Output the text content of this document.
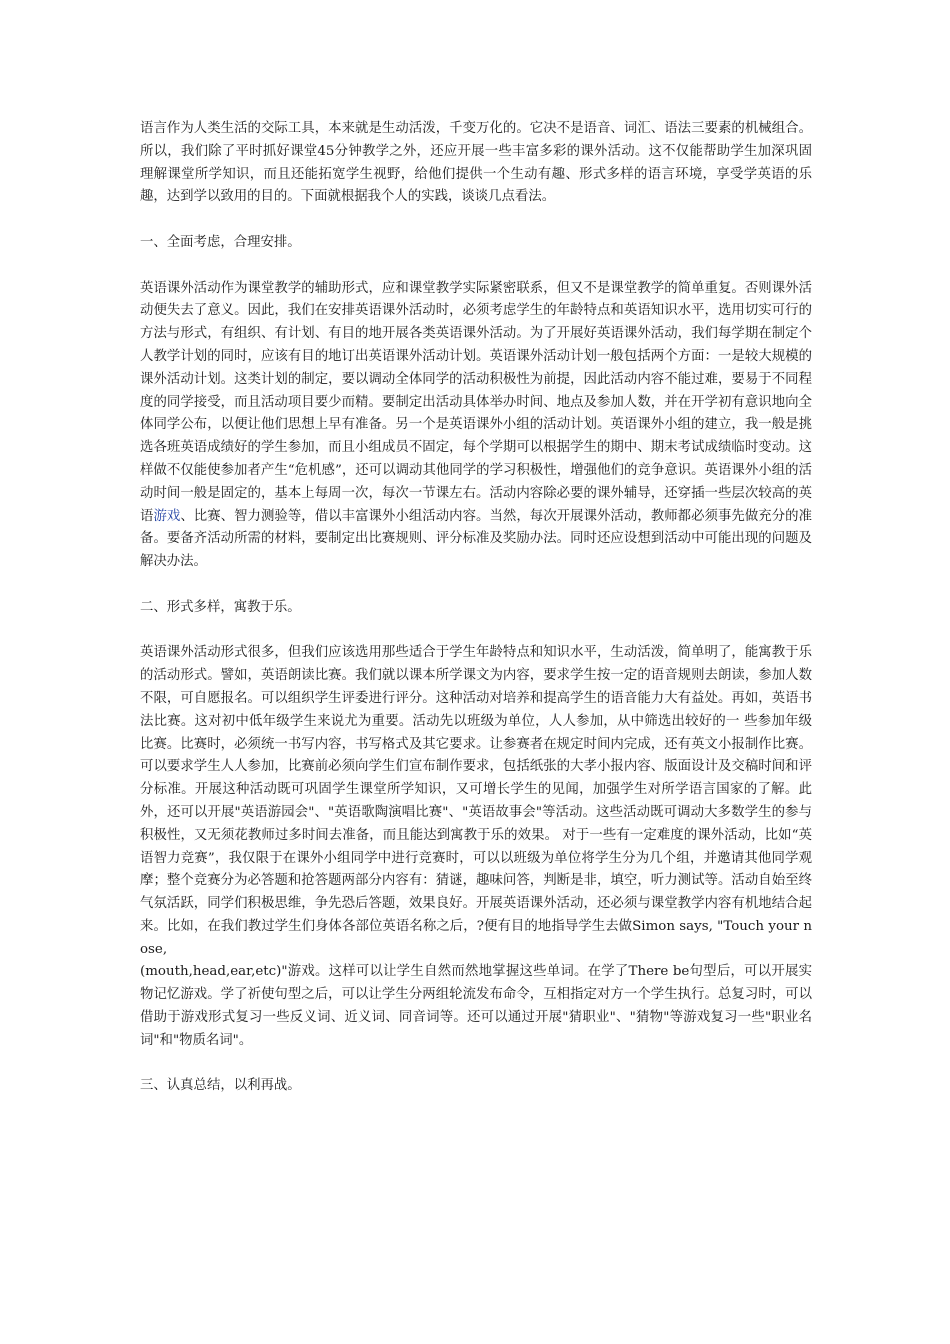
语言作为人类生活的交际工具，本来就是生动活泼，千变万化的。它决不是语音、词汇、语法三要素的机械组合。所以，我们除了平时抓好课堂45分钟教学之外，还应开展一些丰富多彩的课外活动。这不仅能帮助学生加深巩固理解课堂所学知识，而且还能拓宽学生视野，给他们提供一个生动有趣、形式多样的语言环境，享受学英语的乐趣，达到学以致用的目的。下面就根据我个人的实践，谈谈几点看法。

一、全面考虑，合理安排。

英语课外活动作为课堂教学的辅助形式，应和课堂教学实际紧密联系，但又不是课堂教学的简单重复。否则课外活动便失去了意义。因此，我们在安排英语课外活动时，必须考虑学生的年龄特点和英语知识水平，选用切实可行的方法与形式，有组织、有计划、有目的地开展各类英语课外活动。为了开展好英语课外活动，我们每学期在制定个人教学计划的同时，应该有目的地订出英语课外活动计划。英语课外活动计划一般包括两个方面：一是较大规模的课外活动计划。这类计划的制定，要以调动全体同学的活动积极性为前提，因此活动内容不能过难，要易于不同程度的同学接受，而且活动项目要少而精。要制定出活动具体举办时间、地点及参加人数，并在开学初有意识地向全体同学公布，以便让他们思想上早有准备。另一个是英语课外小组的活动计划。英语课外小组的建立，我一般是挑选各班英语成绩好的学生参加，而且小组成员不固定，每个学期可以根据学生的期中、期末考试成绩临时变动。这样做不仅能使参加者产生“危机感”，还可以调动其他同学的学习积极性，增强他们的竞争意识。英语课外小组的活动时间一般是固定的，基本上每周一次，每次一节课左右。活动内容除必要的课外辅导，还穿插一些层次较高的英语游戏、比赛、智力测验等，借以丰富课外小组活动内容。当然，每次开展课外活动，教师都必须事先做充分的准备。要备齐活动所需的材料，要制定出比赛规则、评分标准及奖励办法。同时还应设想到活动中可能出现的问题及解决办法。

二、形式多样，寓教于乐。

英语课外活动形式很多，但我们应该选用那些适合于学生年龄特点和知识水平，生动活泼，简单明了，能寓教于乐的活动形式。譬如，英语朗读比赛。我们就以课本所学课文为内容，要求学生按一定的语音规则去朗读，参加人数不限，可自愿报名。可以组织学生评委进行评分。这种活动对培养和提高学生的语音能力大有益处。再如，英语书法比赛。这对初中低年级学生来说尤为重要。活动先以班级为单位，人人参加，从中筛选出较好的一 些参加年级比赛。比赛时，必须统一书写内容，书写格式及其它要求。让参赛者在规定时间内完成，还有英文小报制作比赛。可以要求学生人人参加，比赛前必须向学生们宣布制作要求，包括纸张的大孝小报内容、版面设计及交稿时间和评分标准。开展这种活动既可巩固学生课堂所学知识，又可增长学生的见闻，加强学生对所学语言国家的了解。此外，还可以开展"英语游园会"、"英语歌陶演唱比赛"、"英语故事会"等活动。这些活动既可调动大多数学生的参与积极性，又无须花教师过多时间去准备，而且能达到寓教于乐的效果。 对于一些有一定难度的课外活动，比如“英语智力竞赛”，我仅限于在课外小组同学中进行竞赛时，可以以班级为单位将学生分为几个组，并邀请其他同学观摩；整个竞赛分为必答题和抢答题两部分内容有：猜谜，趣味问答，判断是非，填空，听力测试等。活动自始至终气氛活跃，同学们积极思维，争先恐后答题，效果良好。开展英语课外活动，还必须与课堂教学内容有机地结合起来。比如，在我们教过学生们身体各部位英语名称之后，?便有目的地指导学生去做Simon says, "Touch your nose,
(mouth,head,ear,etc)"游戏。这样可以让学生自然而然地掌握这些单词。在学了There be句型后，可以开展实物记忆游戏。学了祈使句型之后，可以让学生分两组轮流发布命令，互相指定对方一个学生执行。总复习时，可以借助于游戏形式复习一些反义词、近义词、同音词等。还可以通过开展"猜职业"、"猜物"等游戏复习一些"职业名词"和"物质名词"。

三、认真总结，以利再战。
